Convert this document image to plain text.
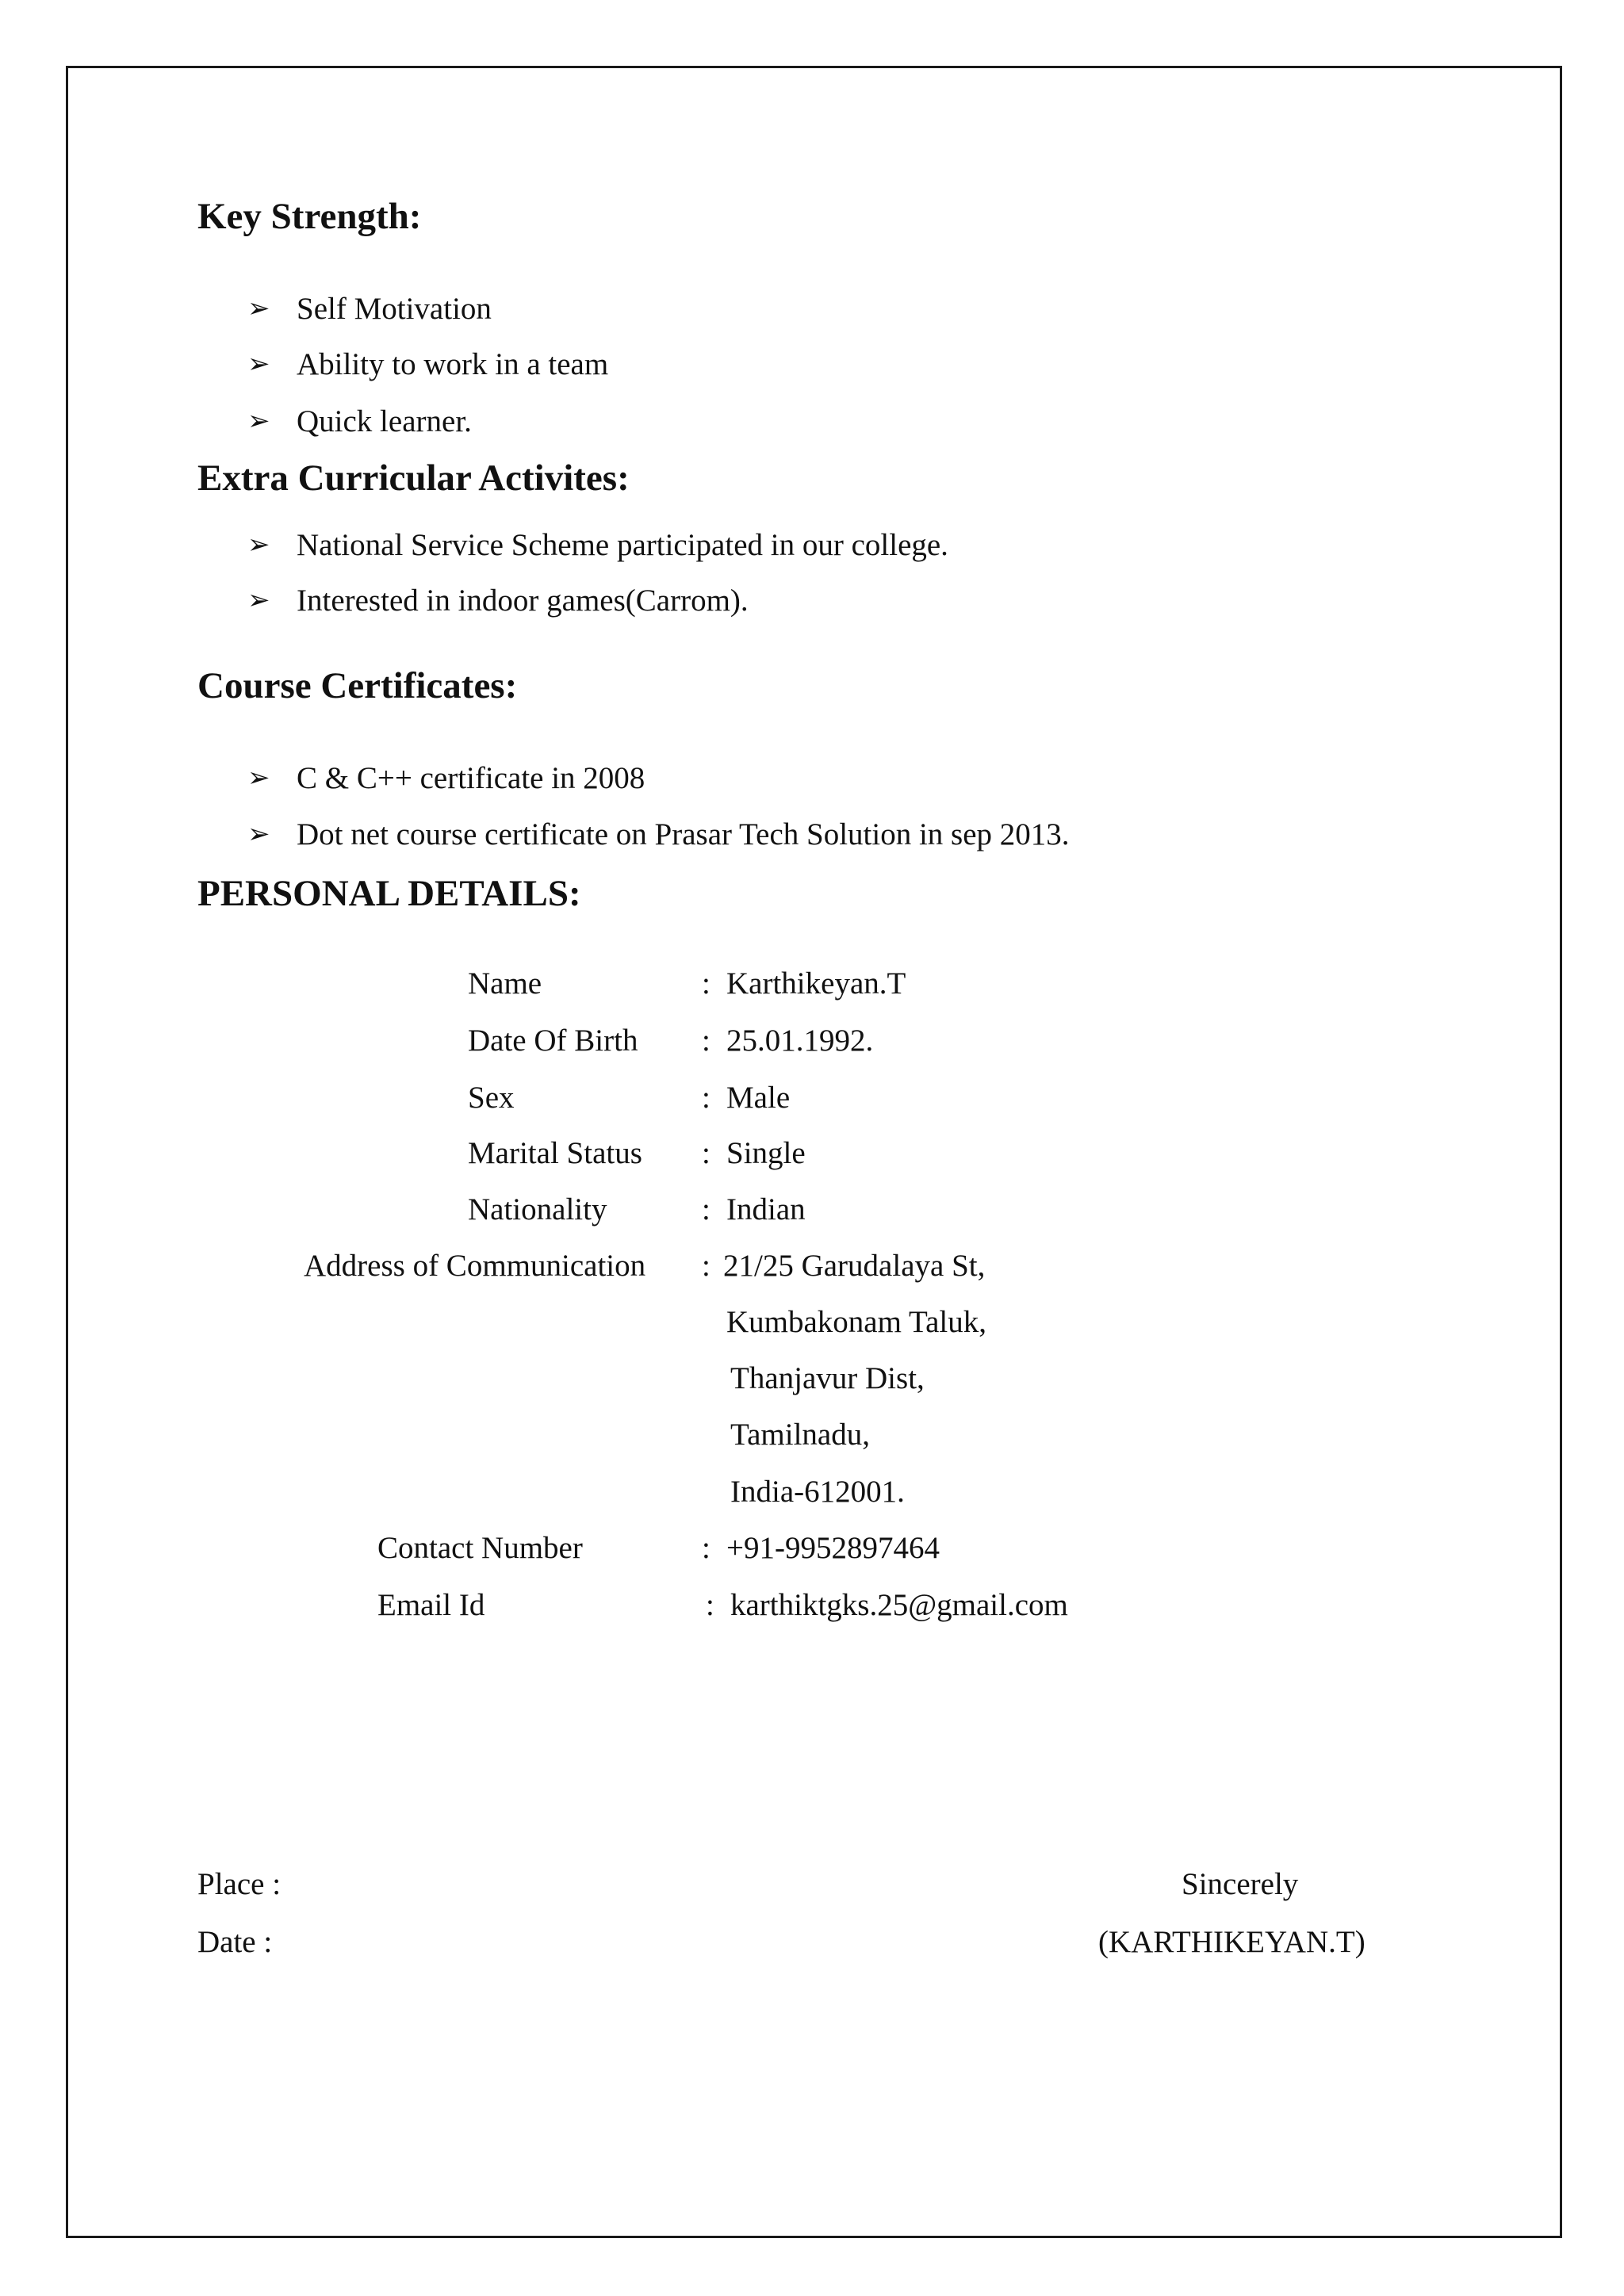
Key Strength:
➢ Self Motivation
➢ Ability to work in a team
➢ Quick learner.
Extra Curricular Activites:
➢ National Service Scheme participated in our college.
➢ Interested in indoor games(Carrom).
Course Certificates:
➢ C & C++ certificate in 2008
➢ Dot net course certificate on Prasar Tech Solution in sep 2013.
PERSONAL DETAILS:
Name	: Karthikeyan.T
Date Of Birth : 25.01.1992.
Sex	: Male
Marital Status : Single
Nationality	: Indian
Address of Communication : 21/25 Garudalaya St,
Kumbakonam Taluk,
Thanjavur Dist,
Tamilnadu,
India-612001.
Contact Number	: +91-9952897464
Email Id	: karthiktgks.25@gmail.com
Place :
Date :
Sincerely
(KARTHIKEYAN.T)
